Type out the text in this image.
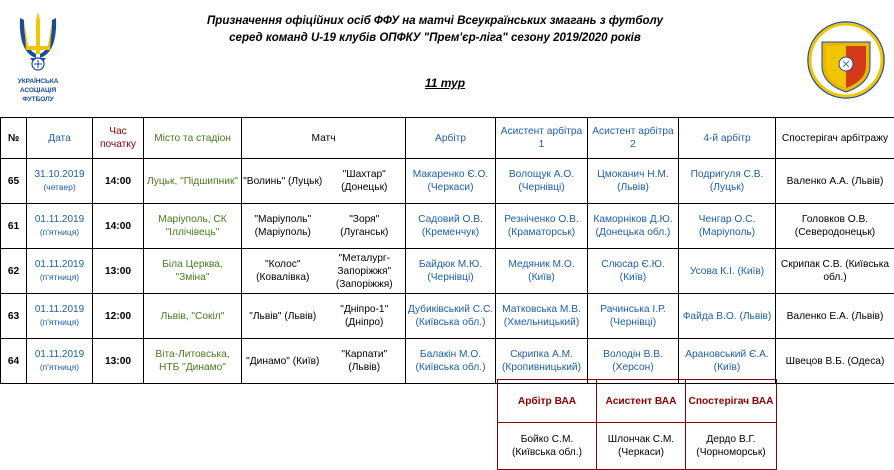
УКРАЇНСЬКА
АСОЦІАЦІЯ
ФУТБОЛУ
Призначення офіційних осіб ФФУ на матчі Всеукраїнських змагань з футболу
серед команд U-19 клубів ОПФКУ "Прем'єр-ліга" сезону 2019/2020 років
11 тур
№	Дата	Час початку	Місто та стадіон	Матч		Арбітр	Асистент арбітра 1	Асистент арбітра 2	4-й арбітр	Спостерігач арбітражу
65	31.10.2019
(четвер)	14:00	Луцьк, "Підшипник"	"Волинь" (Луцьк)	"Шахтар" (Донецьк)	Макаренко Є.О. (Черкаси)	Волощук А.О. (Чернівці)	Цмоканич Н.М. (Львів)	Подригуля С.В. (Луцьк)	Валенко А.А. (Львів)
61	01.11.2019
(п'ятниця)	14:00	Маріуполь, СК "Іллічівець"	"Маріуполь" (Маріуполь)	"Зоря" (Луганськ)	Садовий О.В. (Кременчук)	Резніченко О.В. (Краматорськ)	Каморніков Д.Ю. (Донецька обл.)	Ченгар О.С. (Маріуполь)	Головков О.В. (Северодонецьк)
62	01.11.2019
(п'ятниця)	13:00	Біла Церква, "Зміна"	"Колос" (Ковалівка)	"Металург-Запоріжжя" (Запоріжжя)	Байдюк М.Ю. (Чернівці)	Медяник М.О. (Київ)	Слюсар Є.Ю. (Київ)	Усова К.І. (Київ)	Скрипак С.В. (Київська обл.)
63	01.11.2019
(п'ятниця)	12:00	Львів, "Сокіл"	"Львів" (Львів)	"Дніпро-1" (Дніпро)	Дубиківський С.С. (Київська обл.)	Матковська М.В. (Хмельницький)	Рачинська І.Р. (Чернівці)	Файда В.О. (Львів)	Валенко Е.А. (Львів)
64	01.11.2019
(п'ятниця)	13:00	Віта-Литовська, НТБ "Динамо"	"Динамо" (Київ)	"Карпати" (Львів)	Балакін М.О. (Київська обл.)	Скрипка А.М. (Кропивницький)	Володін В.В. (Херсон)	Арановський Є.А. (Київ)	Швецов В.Б. (Одеса)
Арбітр ВАА	Асистент ВАА	Спостерігач ВАА
Бойко С.М. (Київська обл.)	Шлончак С.М. (Черкаси)	Дердо В.Г. (Чорноморськ)
